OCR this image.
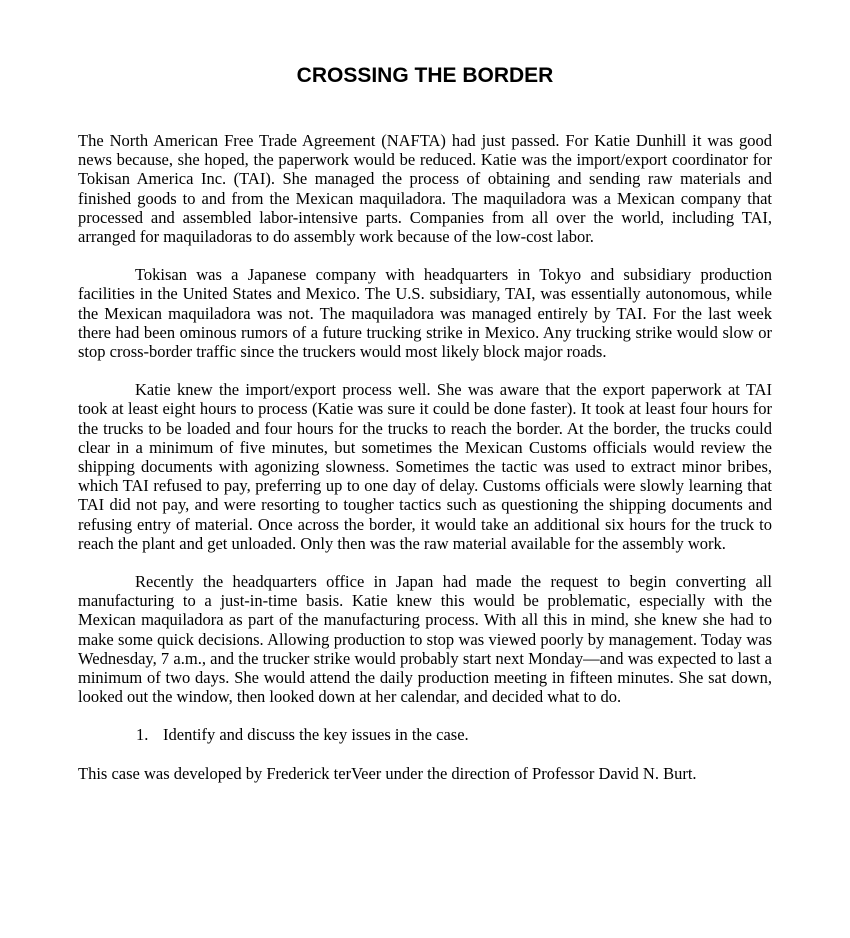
CROSSING THE BORDER

The North American Free Trade Agreement (NAFTA) had just passed. For Katie Dunhill it was good news because, she hoped, the paperwork would be reduced. Katie was the import/export coordinator for Tokisan America Inc. (TAI). She managed the process of obtaining and sending raw materials and finished goods to and from the Mexican maquiladora. The maquiladora was a Mexican company that processed and assembled labor-intensive parts. Companies from all over the world, including TAI, arranged for maquiladoras to do assembly work because of the low-cost labor.

Tokisan was a Japanese company with headquarters in Tokyo and subsidiary production facilities in the United States and Mexico. The U.S. subsidiary, TAI, was essentially autonomous, while the Mexican maquiladora was not. The maquiladora was managed entirely by TAI. For the last week there had been ominous rumors of a future trucking strike in Mexico. Any trucking strike would slow or stop cross-border traffic since the truckers would most likely block major roads.

Katie knew the import/export process well. She was aware that the export paperwork at TAI took at least eight hours to process (Katie was sure it could be done faster). It took at least four hours for the trucks to be loaded and four hours for the trucks to reach the border. At the border, the trucks could clear in a minimum of five minutes, but sometimes the Mexican Customs officials would review the shipping documents with agonizing slowness. Sometimes the tactic was used to extract minor bribes, which TAI refused to pay, preferring up to one day of delay. Customs officials were slowly learning that TAI did not pay, and were resorting to tougher tactics such as questioning the shipping documents and refusing entry of material. Once across the border, it would take an additional six hours for the truck to reach the plant and get unloaded. Only then was the raw material available for the assembly work.

Recently the headquarters office in Japan had made the request to begin converting all manufacturing to a just-in-time basis. Katie knew this would be problematic, especially with the Mexican maquiladora as part of the manufacturing process. With all this in mind, she knew she had to make some quick decisions. Allowing production to stop was viewed poorly by management. Today was Wednesday, 7 a.m., and the trucker strike would probably start next Monday—and was expected to last a minimum of two days. She would attend the daily production meeting in fifteen minutes. She sat down, looked out the window, then looked down at her calendar, and decided what to do.

1. Identify and discuss the key issues in the case.

This case was developed by Frederick terVeer under the direction of Professor David N. Burt.
